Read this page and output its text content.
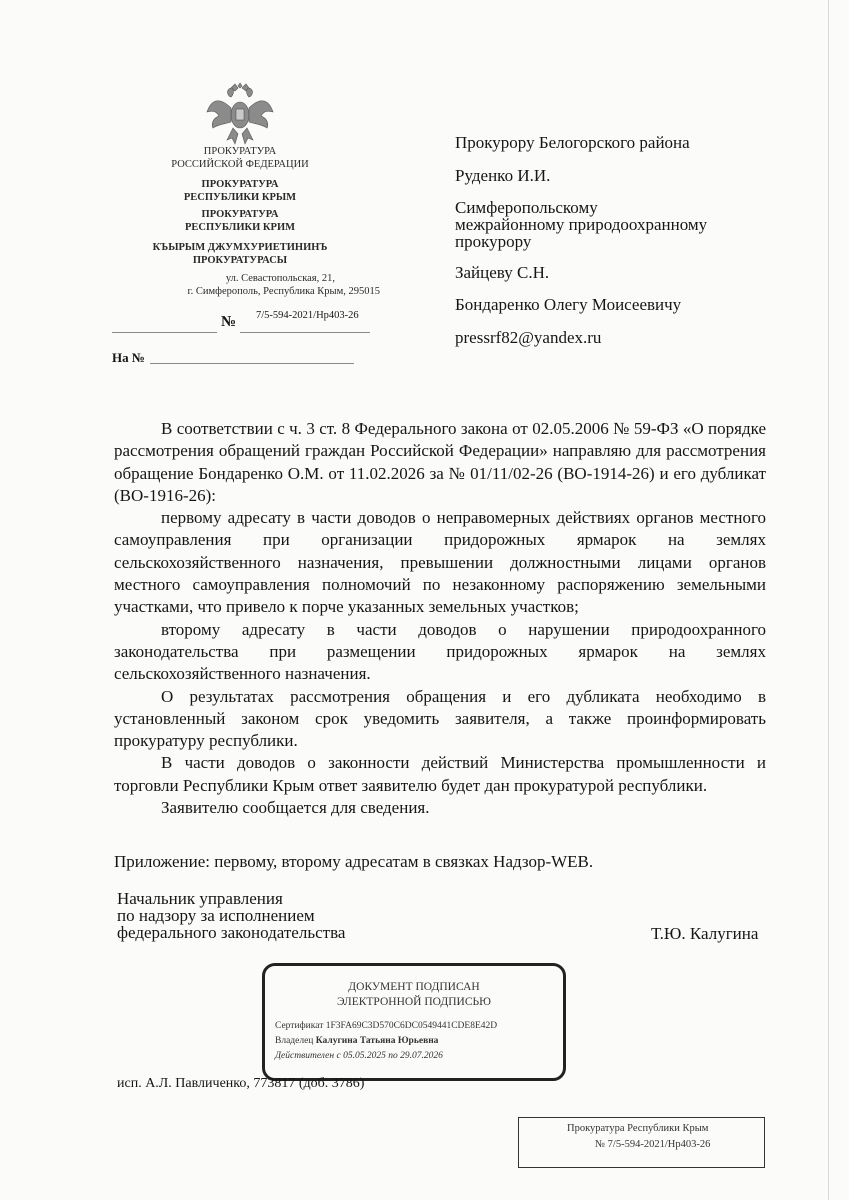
ПРОКУРАТУРА
РОССИЙСКОЙ ФЕДЕРАЦИИ
ПРОКУРАТУРА
РЕСПУБЛИКИ КРЫМ
ПРОКУРАТУРА
РЕСПУБЛИКИ КРИМ
КЪЫРЫМ ДЖУМХУРИЕТИНИНЪ
ПРОКУРАТУРАСЫ
ул. Севастопольская, 21,
г. Симферополь, Республика Крым, 295015
№ 7/5-594-2021/Нр403-26
На №
Прокурору Белогорского района
Руденко И.И.
Симферопольскому
межрайонному природоохранному
прокурору
Зайцеву С.Н.
Бондаренко Олегу Моисеевичу
pressrf82@yandex.ru

В соответствии с ч. 3 ст. 8 Федерального закона от 02.05.2006 № 59-ФЗ «О порядке рассмотрения обращений граждан Российской Федерации» направляю для рассмотрения обращение Бондаренко О.М. от 11.02.2026 за № 01/11/02-26 (ВО-1914-26) и его дубликат (ВО-1916-26):

первому адресату в части доводов о неправомерных действиях органов местного самоуправления при организации придорожных ярмарок на землях сельскохозяйственного назначения, превышении должностными лицами органов местного самоуправления полномочий по незаконному распоряжению земельными участками, что привело к порче указанных земельных участков;

второму адресату в части доводов о нарушении природоохранного законодательства при размещении придорожных ярмарок на землях сельскохозяйственного назначения.

О результатах рассмотрения обращения и его дубликата необходимо в установленный законом срок уведомить заявителя, а также проинформировать прокуратуру республики.

В части доводов о законности действий Министерства промышленности и торговли Республики Крым ответ заявителю будет дан прокуратурой республики.

Заявителю сообщается для сведения.

Приложение: первому, второму адресатам в связках Надзор-WEB.
Начальник управления
по надзору за исполнением
федерального законодательства	Т.Ю. Калугина
ДОКУМЕНТ ПОДПИСАН
ЭЛЕКТРОННОЙ ПОДПИСЬЮ
Сертификат 1F3FA69C3D570C6DC0549441CDE8E42D
Владелец Калугина Татьяна Юрьевна
Действителен с 05.05.2025 по 29.07.2026
исп. А.Л. Павличенко, 773817 (доб. 3786)
Прокуратура Республики Крым
№ 7/5-594-2021/Нр403-26
